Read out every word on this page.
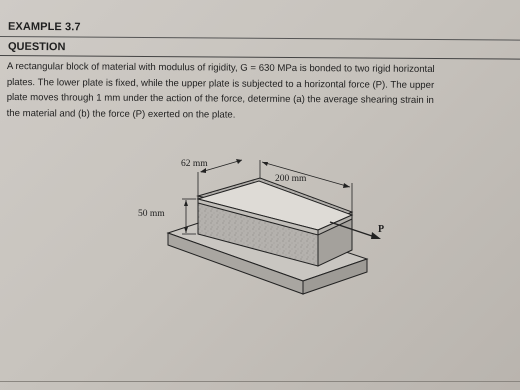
EXAMPLE 3.7
QUESTION
A rectangular block of material with modulus of rigidity, G = 630 MPa is bonded to two rigid horizontal
plates. The lower plate is fixed, while the upper plate is subjected to a horizontal force (P). The upper
plate moves through 1 mm under the action of the force, determine (a) the average shearing strain in
the material and (b) the force (P) exerted on the plate.
62 mm
200 mm
50 mm
P
